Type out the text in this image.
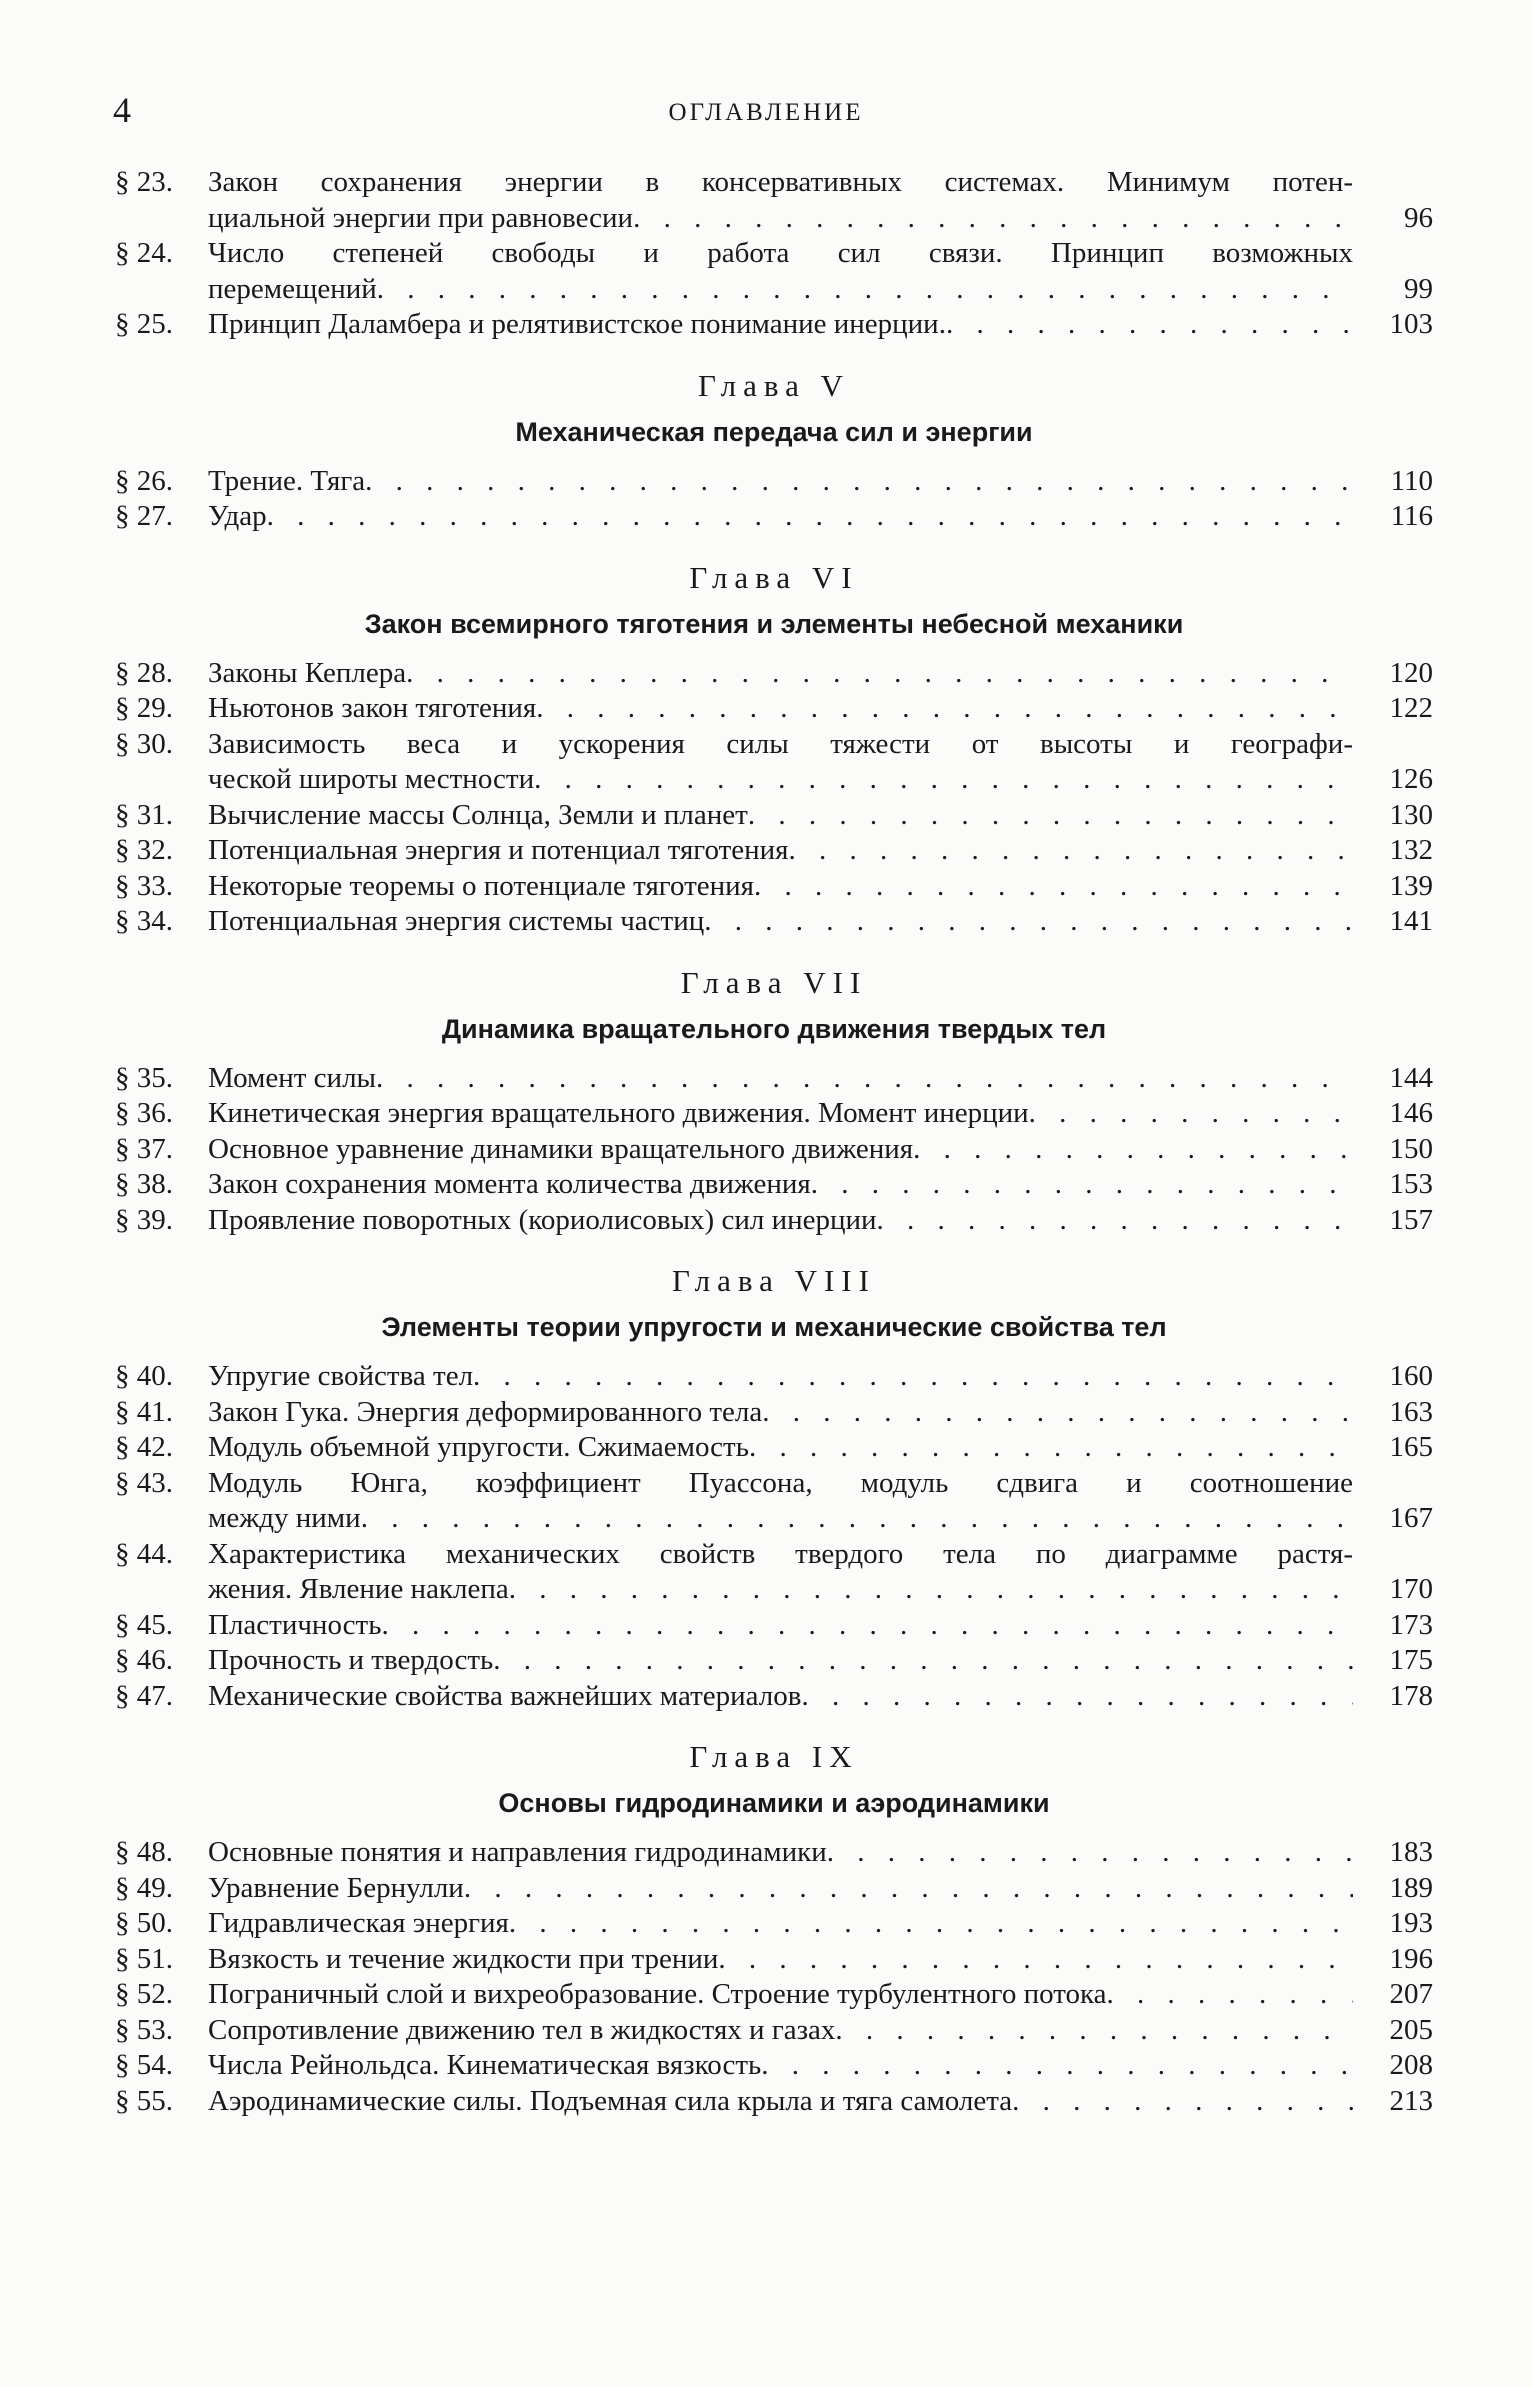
4	ОГЛАВЛЕНИЕ
§ 23.	Закон сохранения энергии в консервативных системах. Минимум потен-
циальной энергии при равновесии . . .	96
§ 24.	Число степеней свободы и работа сил связи. Принцип возможных
перемещений . . .	99
§ 25.	Принцип Даламбера и релятивистское понимание инерции. . . .	103
Глава V
Механическая передача сил и энергии
§ 26.	Трение. Тяга . . .	110
§ 27.	Удар . . .	116
Глава VI
Закон всемирного тяготения и элементы небесной механики
§ 28.	Законы Кеплера . . .	120
§ 29.	Ньютонов закон тяготения . . .	122
§ 30.	Зависимость веса и ускорения силы тяжести от высоты и географи-
ческой широты местности . . .	126
§ 31.	Вычисление массы Солнца, Земли и планет . . .	130
§ 32.	Потенциальная энергия и потенциал тяготения . . .	132
§ 33.	Некоторые теоремы о потенциале тяготения . . .	139
§ 34.	Потенциальная энергия системы частиц . . .	141
Глава VII
Динамика вращательного движения твердых тел
§ 35.	Момент силы . . .	144
§ 36.	Кинетическая энергия вращательного движения. Момент инерции . . .	146
§ 37.	Основное уравнение динамики вращательного движения . . .	150
§ 38.	Закон сохранения момента количества движения . . .	153
§ 39.	Проявление поворотных (кориолисовых) сил инерции . . .	157
Глава VIII
Элементы теории упругости и механические свойства тел
§ 40.	Упругие свойства тел . . .	160
§ 41.	Закон Гука. Энергия деформированного тела . . .	163
§ 42.	Модуль объемной упругости. Сжимаемость . . .	165
§ 43.	Модуль Юнга, коэффициент Пуассона, модуль сдвига и соотношение
между ними . . .	167
§ 44.	Характеристика механических свойств твердого тела по диаграмме растя-
жения. Явление наклепа . . .	170
§ 45.	Пластичность . . .	173
§ 46.	Прочность и твердость . . .	175
§ 47.	Механические свойства важнейших материалов . . .	178
Глава IX
Основы гидродинамики и аэродинамики
§ 48.	Основные понятия и направления гидродинамики . . .	183
§ 49.	Уравнение Бернулли . . .	189
§ 50.	Гидравлическая энергия . . .	193
§ 51.	Вязкость и течение жидкости при трении . . .	196
§ 52.	Пограничный слой и вихреобразование. Строение турбулентного потока . . .	207
§ 53.	Сопротивление движению тел в жидкостях и газах . . .	205
§ 54.	Числа Рейнольдса. Кинематическая вязкость . . .	208
§ 55.	Аэродинамические силы. Подъемная сила крыла и тяга самолета . . .	213
